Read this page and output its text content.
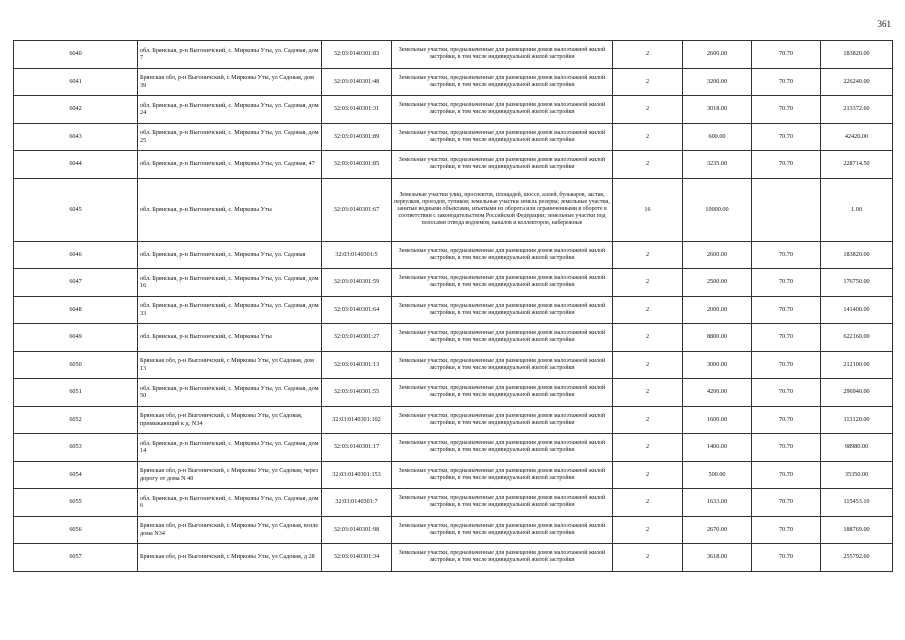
361
6040	обл. Брянская, р-н Выгоничский, с. Мирковы Уты, ул. Садовая, дом 7	32:03:0140301:83	Земельные участки, предназначенные для размещения домов малоэтажной жилой застройки, в том числе индивидуальной жилой застройки	2	2600.00	70.70	183820.00
6041	Брянская обл, р-н Выгоничский, с Мирковы Уты, ул Садовая, дом 39	32:03:0140301:48	Земельные участки, предназначенные для размещения домов малоэтажной жилой застройки, в том числе индивидуальной жилой застройки	2	3200.00	70.70	226240.00
6042	обл. Брянская, р-н Выгоничский, с. Мирковы Уты, ул. Садовая, дом 24	32:03:0140301:31	Земельные участки, предназначенные для размещения домов малоэтажной жилой застройки, в том числе индивидуальной жилой застройки	2	3018.00	70.70	213372.60
6043	обл. Брянская, р-н Выгоничский, с. Мирковы Уты, ул. Садовая, дом 25	32:03:0140301:89	Земельные участки, предназначенные для размещения домов малоэтажной жилой застройки, в том числе индивидуальной жилой застройки	2	600.00	70.70	42420.00
6044	обл. Брянская, р-н Выгоничский, с. Мирковы Уты, ул. Садовая, 47	32:03:0140301:85	Земельные участки, предназначенные для размещения домов малоэтажной жилой застройки, в том числе индивидуальной жилой застройки	2	3235.00	70.70	228714.50
6045	обл. Брянская, р-н Выгоничский, с. Мирковы Уты	32:03:0140301:67	Земельные участки улиц, проспектов, площадей, шоссе, аллей, бульваров, застав, переулков, проездов, тупиков; земельные участки земель резерва; земельные участки, занятые водными объектами, изъятыми из оборота или ограниченными в обороте в соответствии с законодательством Российской Федерации; земельные участки под полосами отвода водоемов, каналов и коллекторов, набережные	16	10000.00		1.00
6046	обл. Брянская, р-н Выгоничский, с. Мирковы Уты, ул. Садовая	32:03:0140301:5	Земельные участки, предназначенные для размещения домов малоэтажной жилой застройки, в том числе индивидуальной жилой застройки	2	2600.00	70.70	183820.00
6047	обл. Брянская, р-н Выгоничский, с. Мирковы Уты, ул. Садовая, дом 16	32:03:0140301:59	Земельные участки, предназначенные для размещения домов малоэтажной жилой застройки, в том числе индивидуальной жилой застройки	2	2500.00	70.70	176750.00
6048	обл. Брянская, р-н Выгоничский, с. Мирковы Уты, ул. Садовая, дом 33	32:03:0140301:64	Земельные участки, предназначенные для размещения домов малоэтажной жилой застройки, в том числе индивидуальной жилой застройки	2	2000.00	70.70	141400.00
6049	обл. Брянская, р-н Выгоничский, с. Мирковы Уты	32:03:0140301:27	Земельные участки, предназначенные для размещения домов малоэтажной жилой застройки, в том числе индивидуальной жилой застройки	2	8800.00	70.70	622160.00
6050	Брянская обл, р-н Выгоничский, с Мирковы Уты, ул Садовая, дом 13	32:03:0140301:13	Земельные участки, предназначенные для размещения домов малоэтажной жилой застройки, в том числе индивидуальной жилой застройки	2	3000.00	70.70	212100.00
6051	обл. Брянская, р-н Выгоничский, с. Мирковы Уты, ул. Садовая, дом 50	32:03:0140301:55	Земельные участки, предназначенные для размещения домов малоэтажной жилой застройки, в том числе индивидуальной жилой застройки	2	4200.00	70.70	296940.00
6052	Брянская обл, р-н Выгоничский, с Мирковы Уты, ул Садовая, примыкающий к д. N34	32:03:0140301:102	Земельные участки, предназначенные для размещения домов малоэтажной жилой застройки, в том числе индивидуальной жилой застройки	2	1600.00	70.70	113120.00
6053	обл. Брянская, р-н Выгоничский, с. Мирковы Уты, ул. Садовая, дом 14	32:03:0140301:17	Земельные участки, предназначенные для размещения домов малоэтажной жилой застройки, в том числе индивидуальной жилой застройки	2	1400.00	70.70	98980.00
6054	Брянская обл, р-н Выгоничский, с Мирковы Уты, ул Садовая, через дорогу от дома N 40	32:03:0140301:153	Земельные участки, предназначенные для размещения домов малоэтажной жилой застройки, в том числе индивидуальной жилой застройки	2	500.00	70.70	35350.00
6055	обл. Брянская, р-н Выгоничский, с. Мирковы Уты, ул. Садовая, дом 6	32:03:0140301:7	Земельные участки, предназначенные для размещения домов малоэтажной жилой застройки, в том числе индивидуальной жилой застройки	2	1633.00	70.70	115453.10
6056	Брянская обл, р-н Выгоничский, с Мирковы Уты, ул Садовая, возле дома N34	32:03:0140301:98	Земельные участки, предназначенные для размещения домов малоэтажной жилой застройки, в том числе индивидуальной жилой застройки	2	2670.00	70.70	188769.00
6057	Брянская обл, р-н Выгоничский, с Мирковы Уты, ул Садовая, д 28	32:03:0140301:34	Земельные участки, предназначенные для размещения домов малоэтажной жилой застройки, в том числе индивидуальной жилой застройки	2	3618.00	70.70	255792.60
